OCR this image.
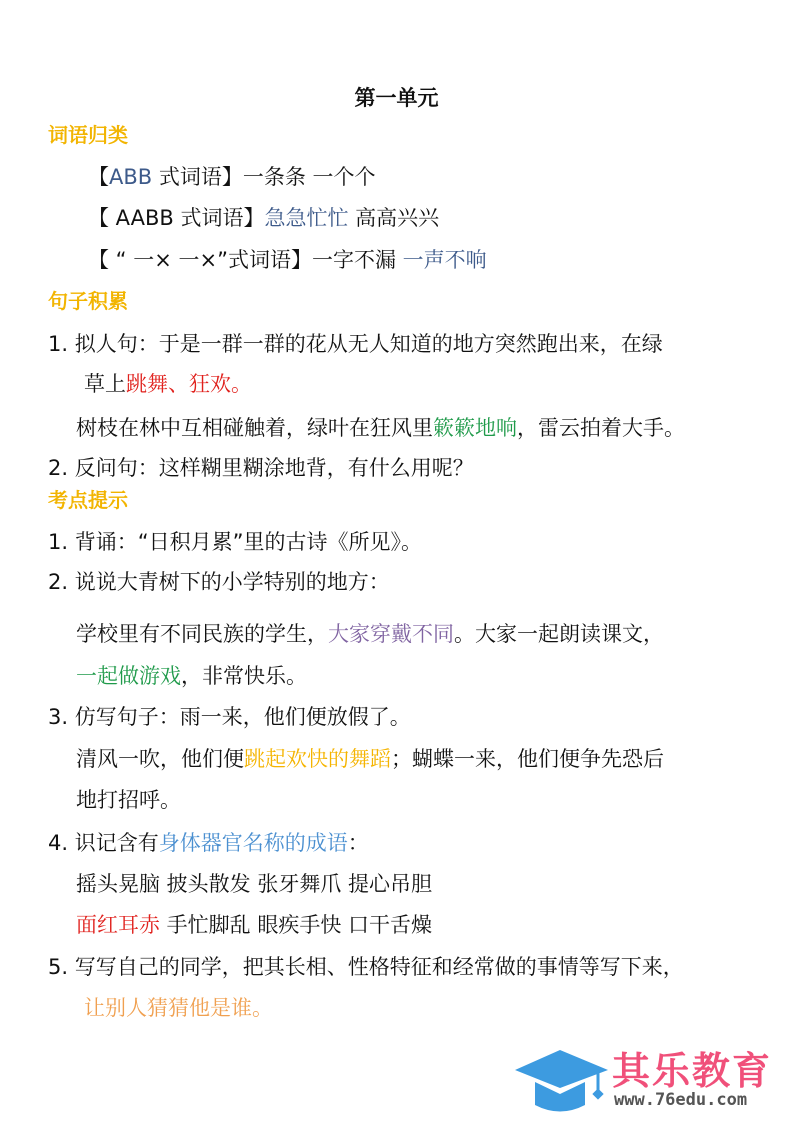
第一单元
词语归类
【ABB 式词语】一条条 一个个
【 AABB 式词语】急急忙忙 高高兴兴
【 “ 一× 一×”式词语】一字不漏 一声不响
句子积累
1. 拟人句：于是一群一群的花从无人知道的地方突然跑出来，在绿
草上跳舞、狂欢。
树枝在林中互相碰触着，绿叶在狂风里簌簌地响，雷云拍着大手。
2. 反问句：这样糊里糊涂地背，有什么用呢？
考点提示
1. 背诵：“日积月累”里的古诗《所见》。
2. 说说大青树下的小学特别的地方：
学校里有不同民族的学生，大家穿戴不同。大家一起朗读课文，
一起做游戏，非常快乐。
3. 仿写句子：雨一来，他们便放假了。
清风一吹，他们便跳起欢快的舞蹈；蝴蝶一来，他们便争先恐后
地打招呼。
4. 识记含有身体器官名称的成语：
摇头晃脑 披头散发 张牙舞爪 提心吊胆
面红耳赤 手忙脚乱 眼疾手快 口干舌燥
5. 写写自己的同学，把其长相、性格特征和经常做的事情等写下来，
让别人猜猜他是谁。
其乐教育
www.76edu.com
